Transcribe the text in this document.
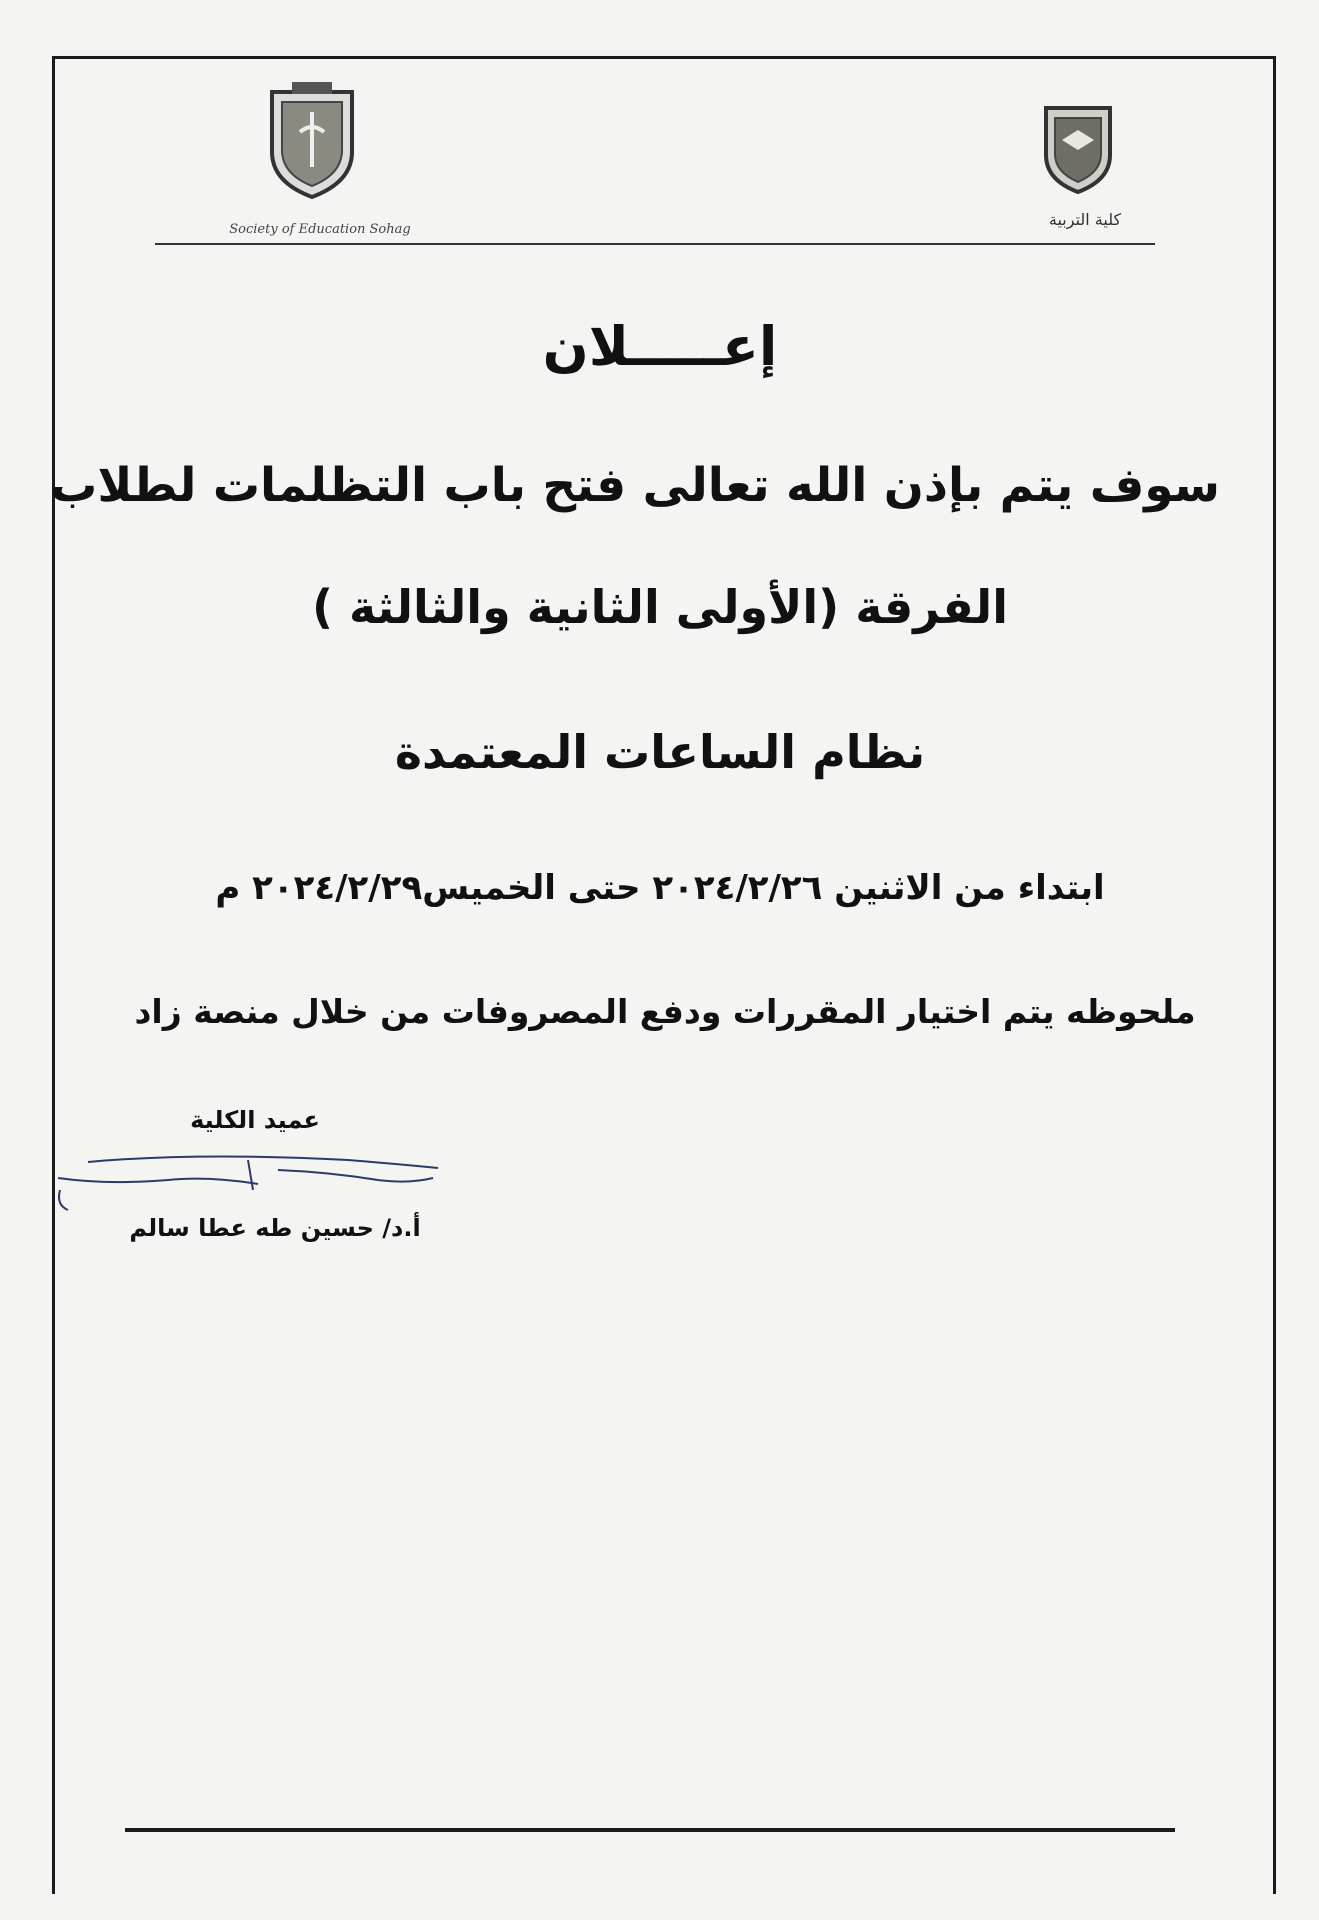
Society of Education Sohag
كلية التربية
إعـــــلان
سوف يتم بإذن الله تعالى فتح باب التظلمات لطلاب
الفرقة (الأولى الثانية والثالثة )
نظام الساعات المعتمدة
ابتداء من الاثنين ٢٠٢٤/٢/٢٦ حتى الخميس٢٠٢٤/٢/٢٩ م
ملحوظه يتم اختيار المقررات ودفع المصروفات من خلال منصة زاد
عميد الكلية
أ.د/ حسين طه عطا سالم
